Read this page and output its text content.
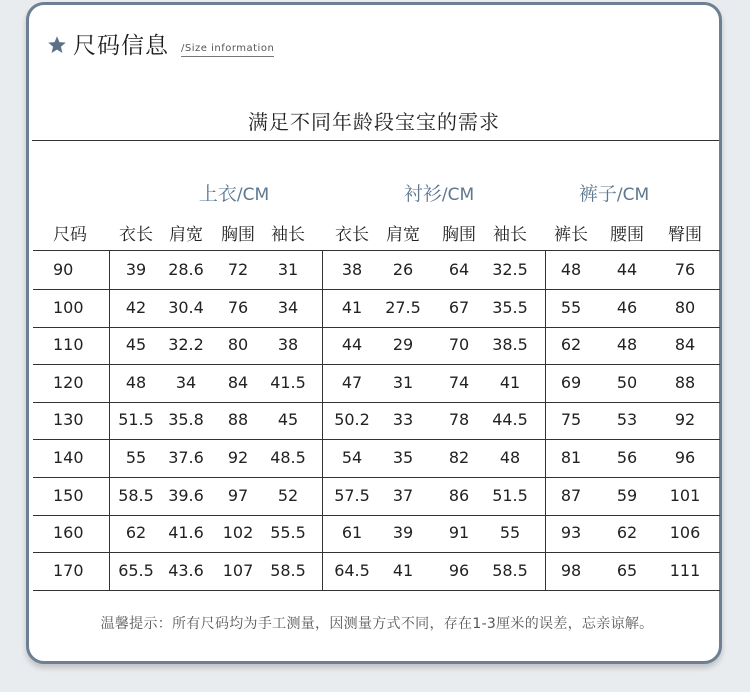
尺码信息 /Size information
满足不同年龄段宝宝的需求
上衣/CM	衬衫/CM	裤子/CM
尺码	衣长 肩宽	胸围 袖长	衣长	肩宽	胸围	袖长	裤长	腰围	臀围
90	39	28.6	72	31	38	26	64	32.5	48	44	76
100	42	30.4	76	34	41	27.5	67	35.5	55	46	80
110	45	32.2	80	38	44	29	70	38.5	62	48	84
120	48	34	84	41.5	47	31	74	41	69	50	88
130	51.5 35.8	88	45	50.2	33	78	44.5	75	53	92
140	55	37.6	92	48.5	54	35	82	48	81	56	96
150	58.5 39.6	97	52	57.5	37	86	51.5	87	59	101
160	62	41.6	102	55.5	61	39	91	55	93	62	106
170	65.5 43.6	107	58.5	64.5	41	96	58.5	98	65	111
温馨提示：所有尺码均为手工测量，因测量方式不同，存在1-3厘米的误差，忘亲谅解。
